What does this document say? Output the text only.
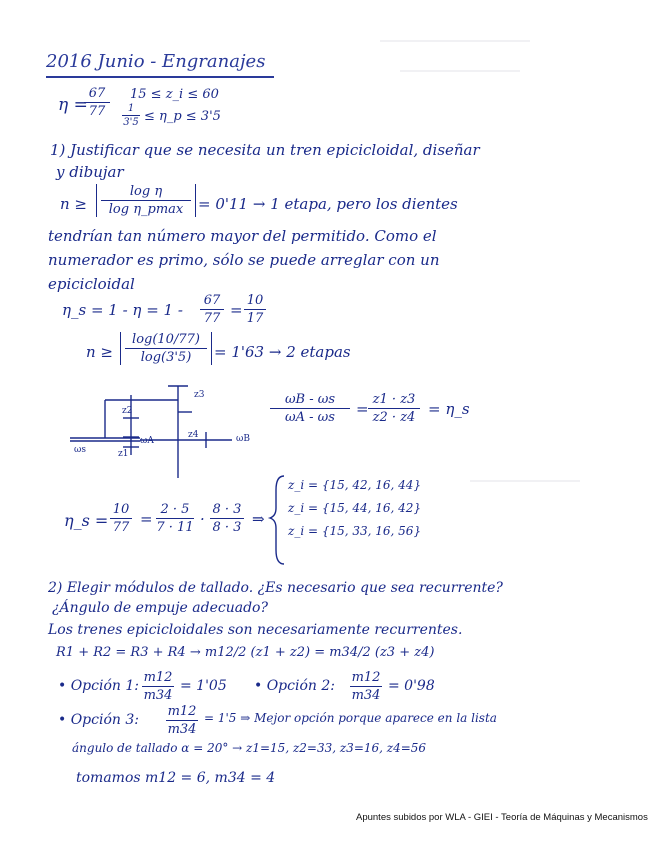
2016 Junio - Engranajes
η =
67
77
15 ≤ z_i ≤ 60
1
3'5 ≤ η_p ≤ 3'5
1) Justificar que se necesita un tren epicicloidal, diseñar
y dibujar
n ≥
log η
log η_pmax = 0'11 → 1 etapa, pero los dientes
tendrían tan número mayor del permitido. Como el
numerador es primo, sólo se puede arreglar con un
epicicloidal
η_s = 1 - η = 1 -
67
77 =
10
17
n ≥
log(10/77)
log(3'5)	= 1'63 → 2 etapas
z3
z2
z1
z4
ωs
ωA	ωB
ωB - ωs
ωA - ωs	=
z1 · z3
z2 · z4 = η_s
η_s =
10
77 =
2 · 5
7 · 11 ·
8 · 3
8 · 3 ⇒
z_i = {15, 42, 16, 44}
z_i = {15, 44, 16, 42}
z_i = {15, 33, 16, 56}
2) Elegir módulos de tallado. ¿Es necesario que sea recurrente?
¿Ángulo de empuje adecuado?
Los trenes epicicloidales son necesariamente recurrentes.
R1 + R2 = R3 + R4 → m12/2 (z1 + z2) = m34/2 (z3 + z4)
• Opción 1:
m12
m34
= 1'05 • Opción 2:
m12
m34
= 0'98
• Opción 3:
m12
m34
= 1'5 ⇒ Mejor opción porque aparece en la lista
ángulo de tallado α = 20° → z1=15, z2=33, z3=16, z4=56
tomamos m12 = 6, m34 = 4
Apuntes subidos por WLA - GIEI - Teoría de Máquinas y Mecanismos
